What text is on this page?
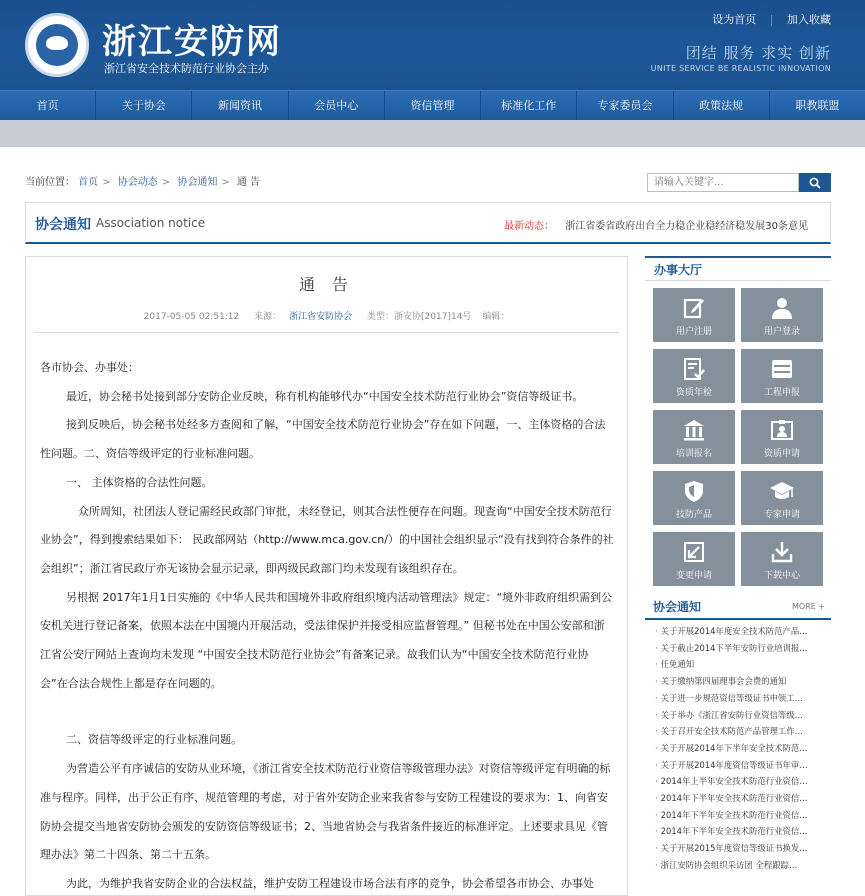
浙江安防网
浙江省安全技术防范行业协会主办
设为首页 | 加入收藏
团结 服务 求实 创新
UNITE SERVICE BE REALISTIC INNOVATION
首页	关于协会	新闻资讯	会员中心	资信管理	标准化工作	专家委员会	政策法规	职教联盟
当前位置： 首页 > 协会动态 > 协会通知 > 通 告
请输入关键字...
协会通知 Association notice	最新动态： 浙江省委省政府出台全力稳企业稳经济稳发展30条意见
通 告
2017-05-05 02:51:12 来源： 浙江省安防协会 类型：浙安协[2017]14号 编辑：

各市协会、办事处：

最近，协会秘书处接到部分安防企业反映，称有机构能够代办“中国安全技术防范行业协会”资信等级证书。

接到反映后，协会秘书处经多方查阅和了解，“中国安全技术防范行业协会”存在如下问题，一、主体资格的合法性问题。二、资信等级评定的行业标准问题。

一、 主体资格的合法性问题。

众所周知，社团法人登记需经民政部门审批，未经登记，则其合法性便存在问题。现查询“中国安全技术防范行业协会”，得到搜索结果如下： 民政部网站（http://www.mca.gov.cn/）的中国社会组织显示“没有找到符合条件的社会组织”；浙江省民政厅亦无该协会显示记录，即两级民政部门均未发现有该组织存在。

另根据 2017年1月1日实施的《中华人民共和国境外非政府组织境内活动管理法》规定：“境外非政府组织需到公安机关进行登记备案，依照本法在中国境内开展活动，受法律保护并接受相应监督管理。” 但秘书处在中国公安部和浙江省公安厅网站上查询均未发现 “中国安全技术防范行业协会”有备案记录。故我们认为“中国安全技术防范行业协会”在合法合规性上都是存在问题的。

二、资信等级评定的行业标准问题。

为营造公平有序诚信的安防从业环境，《浙江省安全技术防范行业资信等级管理办法》对资信等级评定有明确的标准与程序。同样，出于公正有序、规范管理的考虑，对于省外安防企业来我省参与安防工程建设的要求为：1、向省安防协会提交当地省安防协会颁发的安防资信等级证书；2、当地省协会与我省条件接近的标准评定。上述要求具见《管理办法》第二十四条、第二十五条。

为此，为维护我省安防企业的合法权益，维护安防工程建设市场合法有序的竞争，协会希望各市协会、办事处

办事大厅
用户注册	用户登录
资质年检	工程申报
培训报名	资质申请
技防产品	专家申请
变更申请	下载中心
协会通知	MORE +
· 关于开展2014年度安全技术防范产品…
· 关于截止2014下半年安防行业培训报…
· 任免通知
· 关于缴纳第四届理事会会费的通知
· 关于进一步规范资信等级证书申领工…
· 关于举办《浙江省安防行业资信等级…
· 关于召开安全技术防范产品管理工作…
· 关于开展2014年下半年安全技术防范…
· 关于开展2014年度资信等级证书年审…
· 2014年上半年安全技术防范行业资信…
· 2014年下半年安全技术防范行业资信…
· 2014年下半年安全技术防范行业资信…
· 2014年下半年安全技术防范行业资信…
· 关于开展2015年度资信等级证书换发…
· 浙江安防协会组织采访团 全程跟踪…
